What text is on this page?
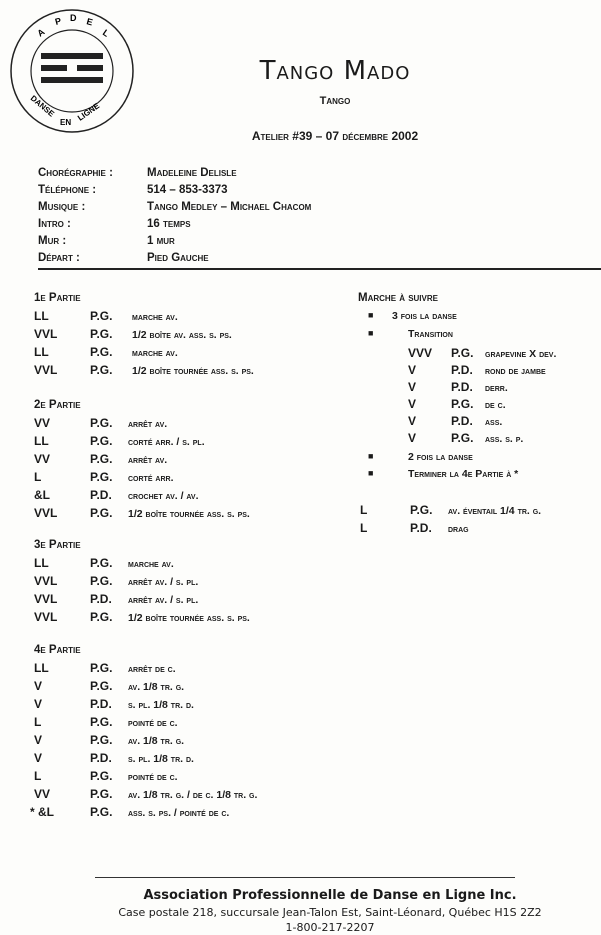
A
P D E
L
DANSE
EN LIGNE
Tango Mado
Tango
Atelier #39 – 07 décembre 2002
Chorégraphie :	Madeleine Delisle
Téléphone :	514 – 853-3373
Musique :	Tango Medley – Michael Chacom
Intro :	16 temps
Mur :	1 mur
Départ :	Pied Gauche
1e Partie
LL	P.G. marche av.
VVL	P.G. 1/2 boîte av. ass. s. ps.
LL	P.G. marche av.
VVL	P.G. 1/2 boîte tournée ass. s. ps.
2e Partie
VV	P.G. arrêt av.
LL	P.G. corté arr. / s. pl.
VV	P.G. arrêt av.
L	P.G. corté arr.
&L	P.D. crochet av. / av.
VVL	P.G. 1/2 boîte tournée ass. s. ps.
3e Partie
LL	P.G. marche av.
VVL	P.G. arrêt av. / s. pl.
VVL	P.D. arrêt av. / s. pl.
VVL	P.G. 1/2 boîte tournée ass. s. ps.
4e Partie
LL	P.G. arrêt de c.
V	P.G. av. 1/8 tr. g.
V	P.D. s. pl. 1/8 tr. d.
L	P.G. pointé de c.
V	P.G. av. 1/8 tr. g.
V	P.D. s. pl. 1/8 tr. d.
L	P.G. pointé de c.
VV	P.G. av. 1/8 tr. g. / de c. 1/8 tr. g.
* &L	P.G. ass. s. ps. / pointé de c.
Marche à suivre
■ 3 fois la danse
■	Transition
VVV P.G. grapevine X dev.
V	P.D. rond de jambe
V	P.D. derr.
V	P.G. de c.
V	P.D. ass.
V	P.G. ass. s. p.
■	2 fois la danse
■	Terminer la 4e Partie à *
L	P.G. av. éventail 1/4 tr. g.
L	P.D. drag
Association Professionnelle de Danse en Ligne Inc.
Case postale 218, succursale Jean-Talon Est, Saint-Léonard, Québec H1S 2Z2
1-800-217-2207
